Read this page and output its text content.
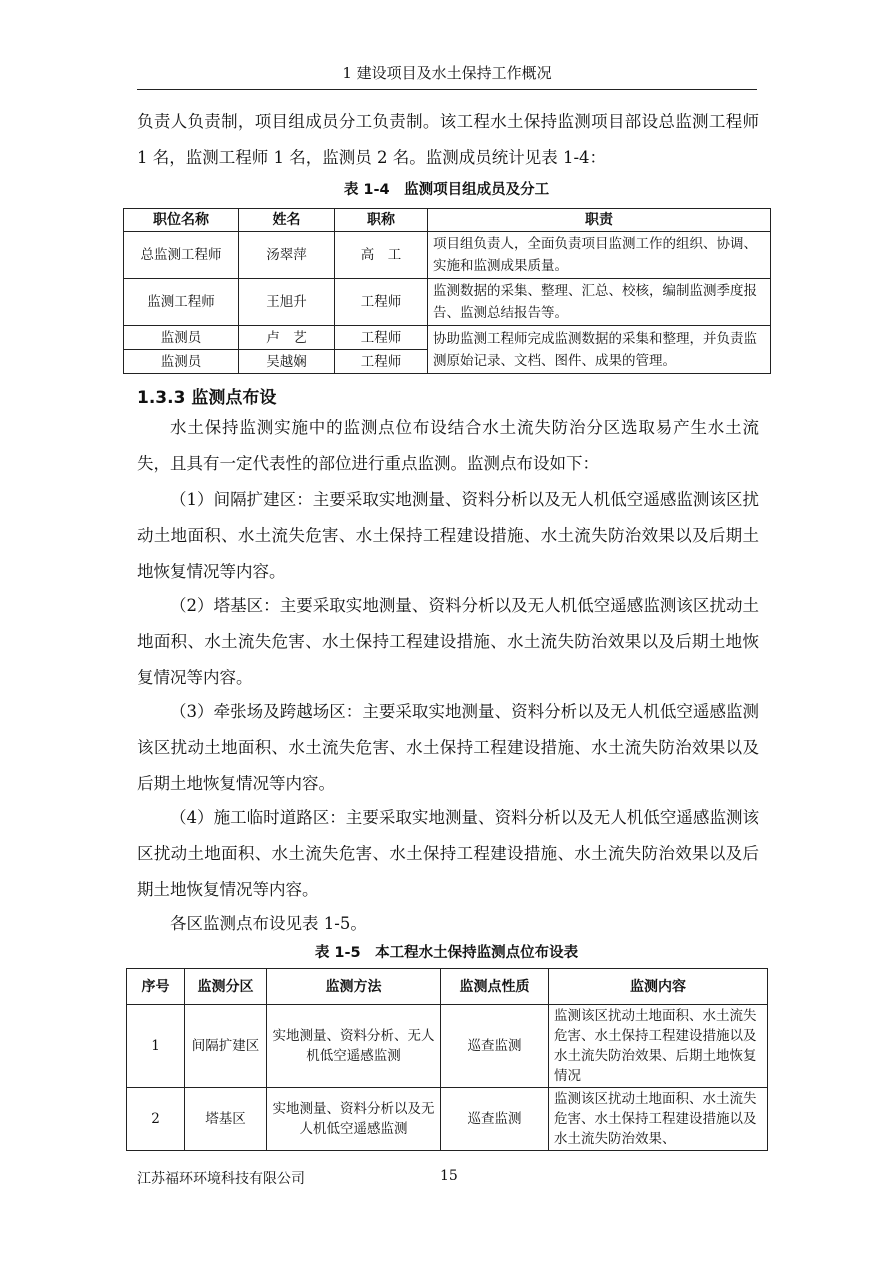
1 建设项目及水土保持工作概况
负责人负责制，项目组成员分工负责制。该工程水土保持监测项目部设总监测工程师 1 名，监测工程师 1 名，监测员 2 名。监测成员统计见表 1-4：
表 1-4　监测项目组成员及分工
职位名称	姓名	职称	职责
总监测工程师	汤翠萍	高　工	项目组负责人，全面负责项目监测工作的组织、协调、实施和监测成果质量。
监测工程师	王旭升	工程师	监测数据的采集、整理、汇总、校核，编制监测季度报告、监测总结报告等。
监测员	卢　艺	工程师	协助监测工程师完成监测数据的采集和整理，并负责监测原始记录、文档、图件、成果的管理。
监测员	吴越娴	工程师	
1.3.3 监测点布设
水土保持监测实施中的监测点位布设结合水土流失防治分区选取易产生水土流失，且具有一定代表性的部位进行重点监测。监测点布设如下：
（1）间隔扩建区：主要采取实地测量、资料分析以及无人机低空遥感监测该区扰动土地面积、水土流失危害、水土保持工程建设措施、水土流失防治效果以及后期土地恢复情况等内容。
（2）塔基区：主要采取实地测量、资料分析以及无人机低空遥感监测该区扰动土地面积、水土流失危害、水土保持工程建设措施、水土流失防治效果以及后期土地恢复情况等内容。
（3）牵张场及跨越场区：主要采取实地测量、资料分析以及无人机低空遥感监测该区扰动土地面积、水土流失危害、水土保持工程建设措施、水土流失防治效果以及后期土地恢复情况等内容。
（4）施工临时道路区：主要采取实地测量、资料分析以及无人机低空遥感监测该区扰动土地面积、水土流失危害、水土保持工程建设措施、水土流失防治效果以及后期土地恢复情况等内容。
各区监测点布设见表 1-5。
表 1-5　本工程水土保持监测点位布设表
序号	监测分区	监测方法	监测点性质	监测内容
1	间隔扩建区	实地测量、资料分析、无人机低空遥感监测	巡查监测	监测该区扰动土地面积、水土流失危害、水土保持工程建设措施以及水土流失防治效果、后期土地恢复情况
2	塔基区	实地测量、资料分析以及无人机低空遥感监测	巡查监测	监测该区扰动土地面积、水土流失危害、水土保持工程建设措施以及水土流失防治效果、
江苏福环环境科技有限公司	15
